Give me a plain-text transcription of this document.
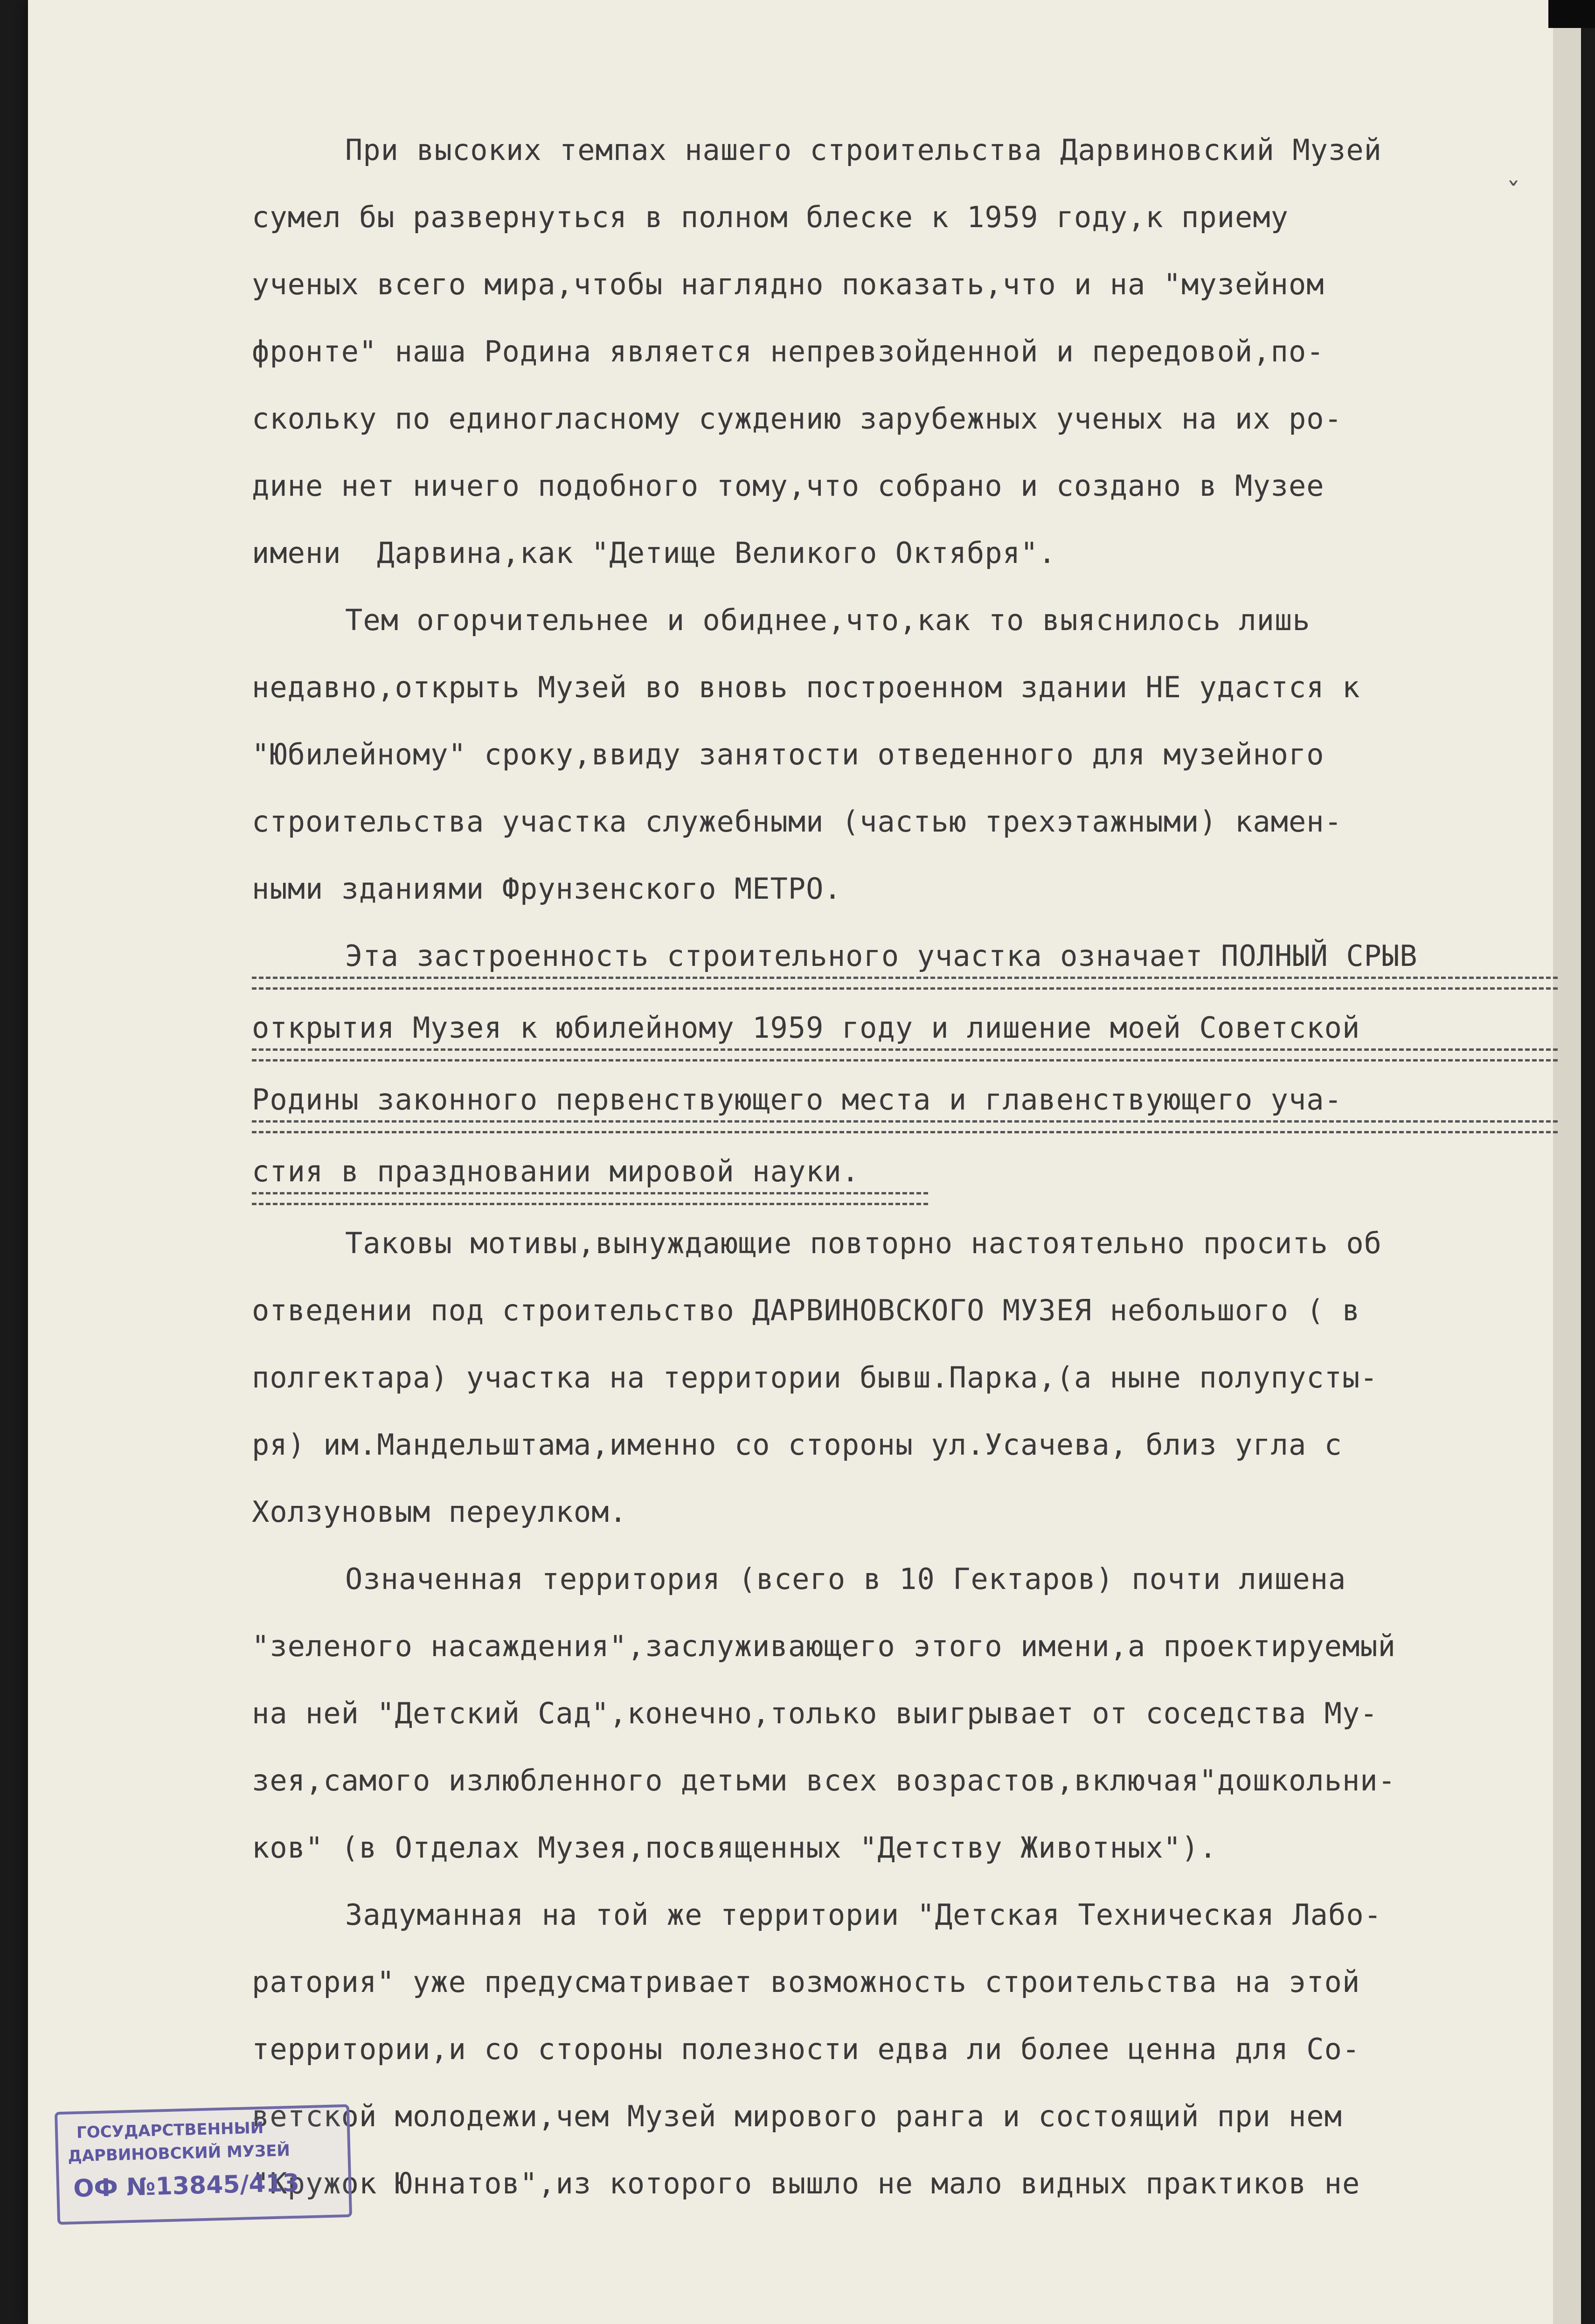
При высоких темпах нашего строительства Дарвиновский Музей
сумел бы развернуться в полном блеске к 1959 году,к приему
ученых всего мира,чтобы наглядно показать,что и на "музейном
фронте" наша Родина является непревзойденной и передовой,по-
скольку по единогласному суждению зарубежных ученых на их ро-
дине нет ничего подобного тому,что собрано и создано в Музее
имени  Дарвина,как "Детище Великого Октября".
Тем огорчительнее и обиднее,что,как то выяснилось лишь
недавно,открыть Музей во вновь построенном здании НЕ удастся к
"Юбилейному" сроку,ввиду занятости отведенного для музейного
строительства участка служебными (частью трехэтажными) камен-
ными зданиями Фрунзенского МЕТРО.
Эта застроенность строительного участка означает ПОЛНЫЙ СРЫВ
открытия Музея к юбилейному 1959 году и лишение моей Советской
Родины законного первенствующего места и главенствующего уча-
стия в праздновании мировой науки.
Таковы мотивы,вынуждающие повторно настоятельно просить об
отведении под строительство ДАРВИНОВСКОГО МУЗЕЯ небольшого ( в
полгектара) участка на территории бывш.Парка,(а ныне полупусты-
ря) им.Мандельштама,именно со стороны ул.Усачева, близ угла с
Холзуновым переулком.
Означенная территория (всего в 10 Гектаров) почти лишена
"зеленого насаждения",заслуживающего этого имени,а проектируемый
на ней "Детский Сад",конечно,только выигрывает от соседства Му-
зея,самого излюбленного детьми всех возрастов,включая"дошкольни-
ков" (в Отделах Музея,посвященных "Детству Животных").
Задуманная на той же территории "Детская Техническая Лабо-
ратория" уже предусматривает возможность строительства на этой
территории,и со стороны полезности едва ли более ценна для Со-
ветской молодежи,чем Музей мирового ранга и состоящий при нем
"Кружок Юннатов",из которого вышло не мало видных практиков не
ˇ
ГОСУДАРСТВЕННЫЙ
ДАРВИНОВСКИЙ МУЗЕЙ
ОФ №13845/413
